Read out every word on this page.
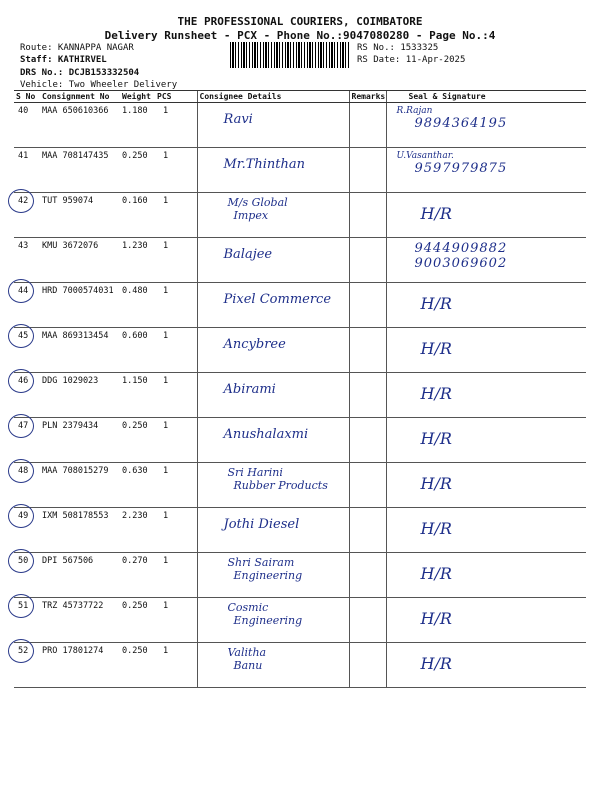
THE PROFESSIONAL COURIERS, COIMBATORE
Delivery Runsheet - PCX - Phone No.:9047080280 - Page No.:4
Route: KANNAPPA NAGAR
Staff: KATHIRVEL
DRS No.: DCJB153332504
Vehicle: Two Wheeler Delivery
RS No.: 1533325
RS Date: 11-Apr-2025
S No	Consignment No	Weight	PCS	Consignee Details	Remarks	Seal & Signature
40	MAA 650610366	1.180	1	Ravi		R.Rajan
9894364195

41	MAA 708147435	0.250	1	Mr.Thinthan		U.Vasanthar.
9597979875

42	TUT 959074	0.160	1	M/s Global
Impex		H/R

43	KMU 3672076	1.230	1	Balajee		9444909882
9003069602

44	HRD 7000574031	0.480	1	Pixel Commerce		H/R

45	MAA 869313454	0.600	1	Ancybree		H/R

46	DDG 1029023	1.150	1	Abirami		H/R

47	PLN 2379434	0.250	1	Anushalaxmi		H/R

48	MAA 708015279	0.630	1	Sri Harini
Rubber Products		H/R

49	IXM 508178553	2.230	1	Jothi Diesel		H/R

50	DPI 567506	0.270	1	Shri Sairam
Engineering		H/R

51	TRZ 45737722	0.250	1	Cosmic
Engineering		H/R

52	PRO 17801274	0.250	1	Valitha
Banu		H/R
